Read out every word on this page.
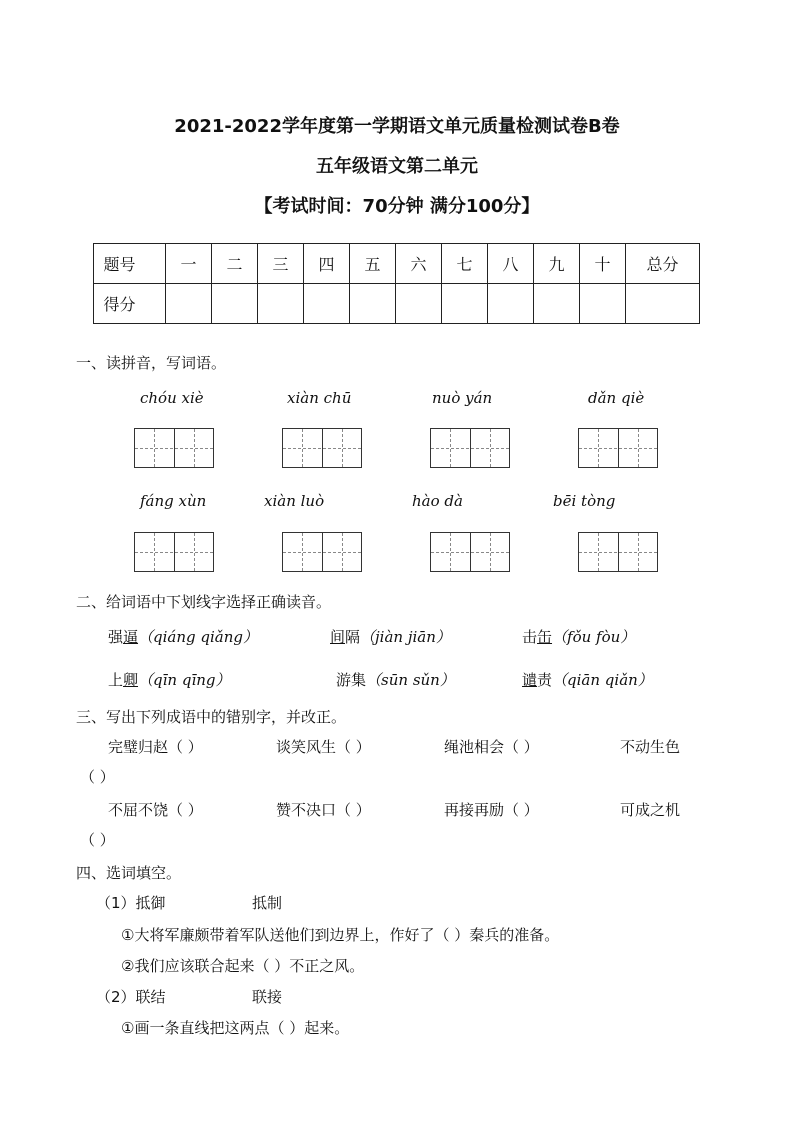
2021-2022学年度第一学期语文单元质量检测试卷B卷
五年级语文第二单元
【考试时间：70分钟 满分100分】
题号	一	二	三	四	五	六	七	八	九	十	总分
得分											
一、读拼音，写词语。
chóu xiè	xiàn chū	nuò yán	dǎn qiè
fáng xùn	xiàn luò	hào dà	bēi tòng
二、给词语中下划线字选择正确读音。
强逼（qiáng qiǎng）	间隔（jiàn jiān）	击缶（fǒu fòu）
上卿（qīn qīng）	游集（sūn sǔn）	谴责（qiān qiǎn）
三、写出下列成语中的错别字，并改正。
完璧归赵（ ）	谈笑风生（ ）	绳池相会（ ）	不动生色
（ ）
不屈不饶（ ）	赞不决口（ ）	再接再励（ ）	可成之机
（ ）
四、选词填空。
（1）抵御	抵制
①大将军廉颇带着军队送他们到边界上，作好了（ ）秦兵的准备。
②我们应该联合起来（ ）不正之风。
（2）联结	联接
①画一条直线把这两点（ ）起来。
